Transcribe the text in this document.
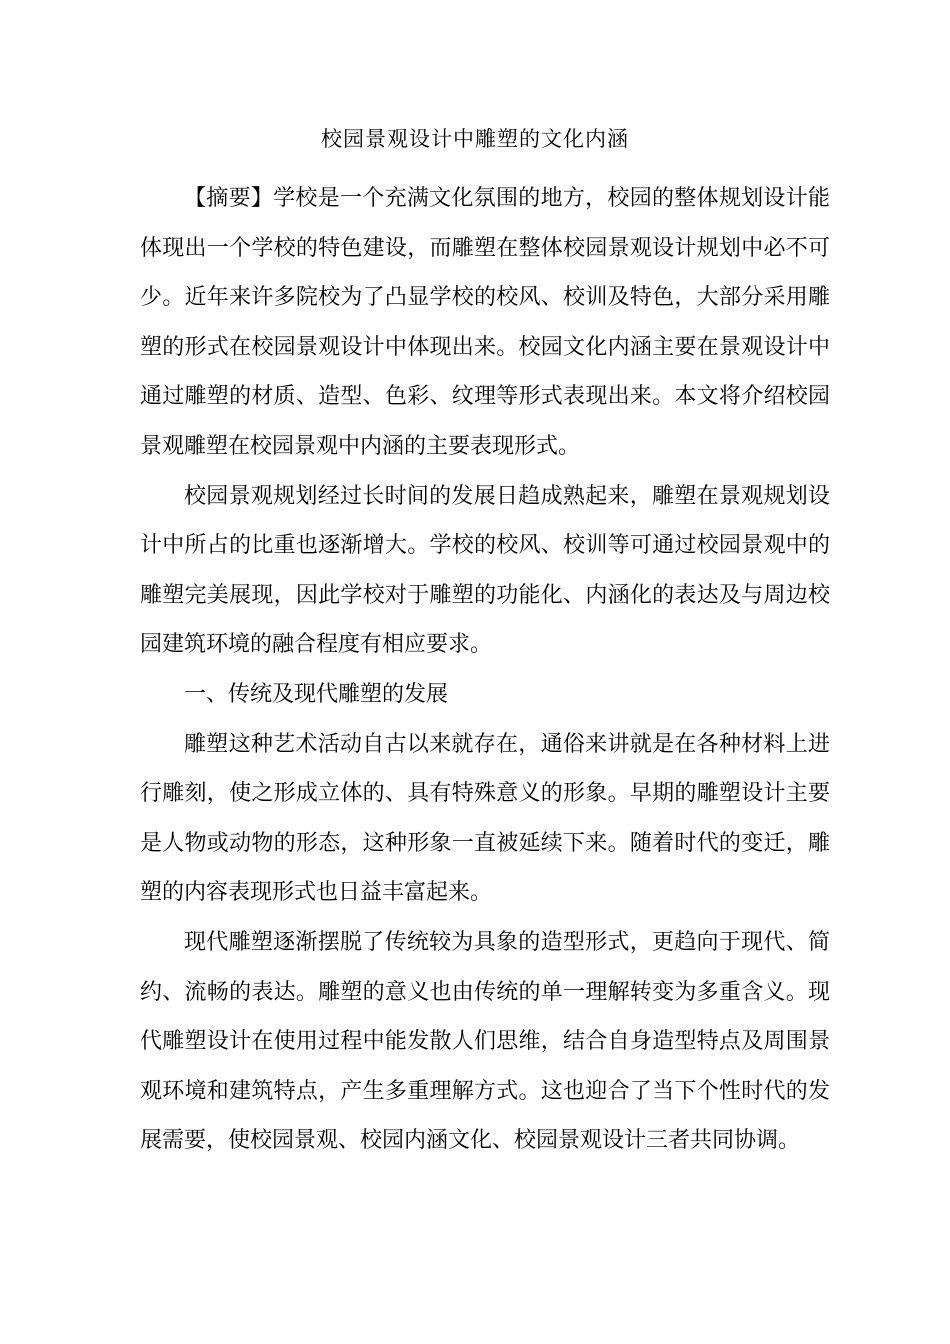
校园景观设计中雕塑的文化内涵

【摘要】学校是一个充满文化氛围的地方，校园的整体规划设计能体现出一个学校的特色建设，而雕塑在整体校园景观设计规划中必不可少。近年来许多院校为了凸显学校的校风、校训及特色，大部分采用雕塑的形式在校园景观设计中体现出来。校园文化内涵主要在景观设计中通过雕塑的材质、造型、色彩、纹理等形式表现出来。本文将介绍校园景观雕塑在校园景观中内涵的主要表现形式。

校园景观规划经过长时间的发展日趋成熟起来，雕塑在景观规划设计中所占的比重也逐渐增大。学校的校风、校训等可通过校园景观中的雕塑完美展现，因此学校对于雕塑的功能化、内涵化的表达及与周边校园建筑环境的融合程度有相应要求。

一、传统及现代雕塑的发展

雕塑这种艺术活动自古以来就存在，通俗来讲就是在各种材料上进行雕刻，使之形成立体的、具有特殊意义的形象。早期的雕塑设计主要是人物或动物的形态，这种形象一直被延续下来。随着时代的变迁，雕塑的内容表现形式也日益丰富起来。

现代雕塑逐渐摆脱了传统较为具象的造型形式，更趋向于现代、简约、流畅的表达。雕塑的意义也由传统的单一理解转变为多重含义。现代雕塑设计在使用过程中能发散人们思维，结合自身造型特点及周围景观环境和建筑特点，产生多重理解方式。这也迎合了当下个性时代的发展需要，使校园景观、校园内涵文化、校园景观设计三者共同协调。
